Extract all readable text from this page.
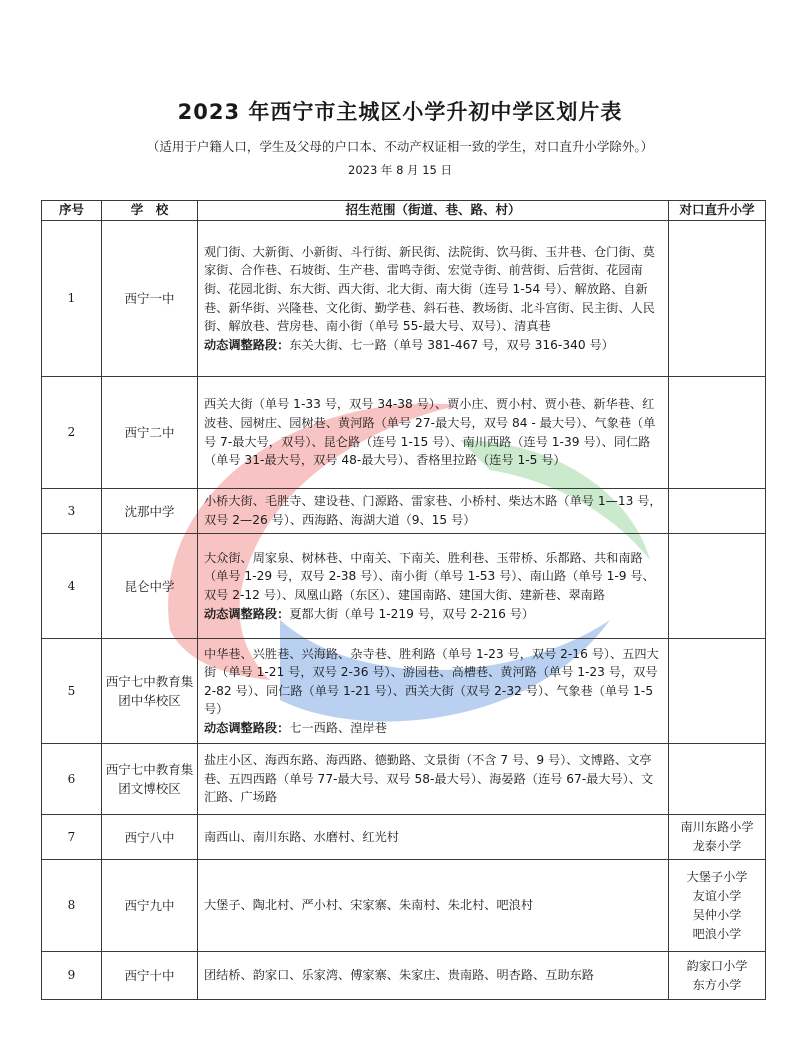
2023 年西宁市主城区小学升初中学区划片表
（适用于户籍人口，学生及父母的户口本、不动产权证相一致的学生，对口直升小学除外。）
2023 年 8 月 15 日
序号	学　校	招生范围（街道、巷、路、村）	对口直升小学
1	西宁一中	观门街、大新街、小新街、斗行街、新民街、法院街、饮马街、玉井巷、仓门街、莫家街、合作巷、石坡街、生产巷、雷鸣寺街、宏觉寺街、前营街、后营街、花园南街、花园北街、东大街、西大街、北大街、南大街（连号 1-54 号）、解放路、自新巷、新华街、兴隆巷、文化街、勤学巷、斜石巷、教场街、北斗宫街、民主街、人民街、解放巷、营房巷、南小街（单号 55-最大号、双号）、清真巷
动态调整路段：东关大街、七一路（单号 381-467 号，双号 316-340 号）	
2	西宁二中	西关大街（单号 1-33 号，双号 34-38 号）、贾小庄、贾小村、贾小巷、新华巷、红波巷、园树庄、园树巷、黄河路（单号 27-最大号，双号 84 - 最大号）、气象巷（单号 7-最大号，双号）、昆仑路（连号 1-15 号）、南川西路（连号 1-39 号）、同仁路（单号 31-最大号，双号 48-最大号）、香格里拉路（连号 1-5 号）	

3	沈那中学	小桥大街、毛胜寺、建设巷、门源路、雷家巷、小桥村、柴达木路（单号 1—13 号，双号 2—26 号）、西海路、海湖大道（9、15 号）	

4	昆仑中学	大众街、周家泉、树林巷、中南关、下南关、胜利巷、玉带桥、乐都路、共和南路（单号 1-29 号，双号 2-38 号）、南小街（单号 1-53 号）、南山路（单号 1-9 号、双号 2-12 号）、凤凰山路（东区）、建国南路、建国大街、建新巷、翠南路
动态调整路段：夏都大街（单号 1-219 号，双号 2-216 号）	
5	西宁七中教育集团中华校区	中华巷、兴胜巷、兴海路、杂寺巷、胜利路（单号 1-23 号，双号 2-16 号）、五四大街（单号 1-21 号，双号 2-36 号）、游园巷、高槽巷、黄河路（单号 1-23 号，双号 2-82 号）、同仁路（单号 1-21 号）、西关大街（双号 2-32 号）、气象巷（单号 1-5 号）
动态调整路段：七一西路、湟岸巷	
6	西宁七中教育集团文博校区	盐庄小区、海西东路、海西路、德勤路、文景街（不含 7 号、9 号）、文博路、文亭巷、五四西路（单号 77-最大号、双号 58-最大号）、海晏路（连号 67-最大号）、文汇路、广场路	

7	西宁八中	南西山、南川东路、水磨村、红光村	南川东路小学
龙泰小学

8	西宁九中	大堡子、陶北村、严小村、宋家寨、朱南村、朱北村、吧浪村	大堡子小学
友谊小学
吴仲小学
吧浪小学

9	西宁十中	团结桥、韵家口、乐家湾、傅家寨、朱家庄、贵南路、明杏路、互助东路	韵家口小学
东方小学
